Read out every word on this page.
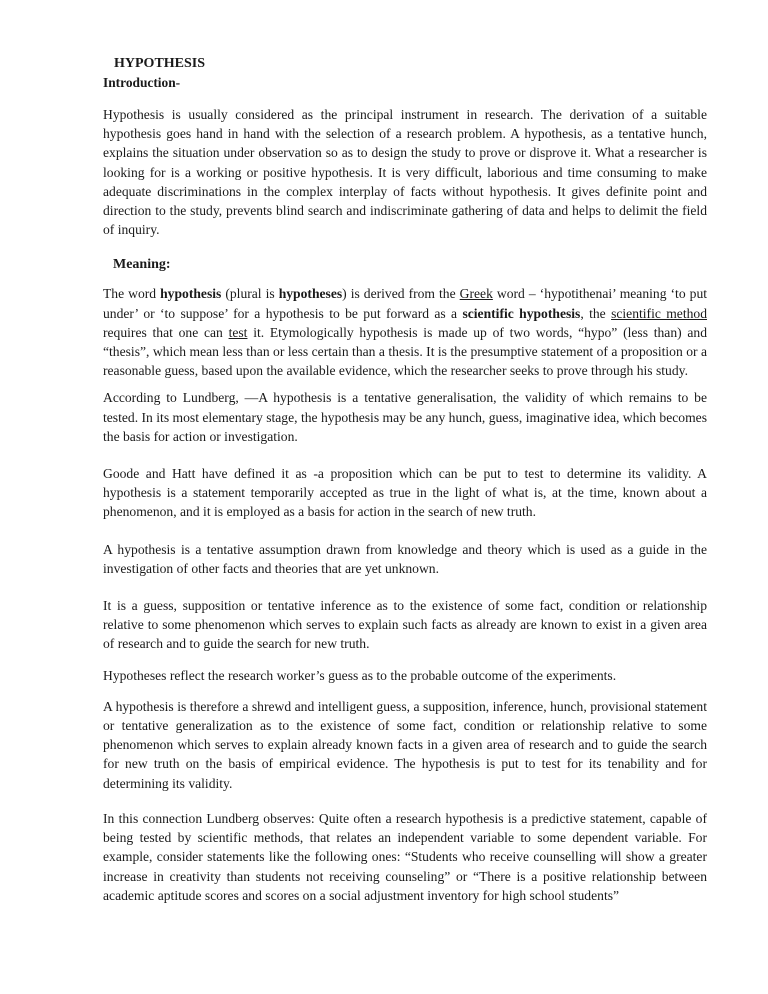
HYPOTHESIS
Introduction-

Hypothesis is usually considered as the principal instrument in research. The derivation of a suitable hypothesis goes hand in hand with the selection of a research problem. A hypothesis, as a tentative hunch, explains the situation under observation so as to design the study to prove or disprove it. What a researcher is looking for is a working or positive hypothesis. It is very difficult, laborious and time consuming to make adequate discriminations in the complex interplay of facts without hypothesis. It gives definite point and direction to the study, prevents blind search and indiscriminate gathering of data and helps to delimit the field of inquiry.

Meaning:

The word hypothesis (plural is hypotheses) is derived from the Greek word – ‘hypotithenai’ meaning ‘to put under’ or ‘to suppose’ for a hypothesis to be put forward as a scientific hypothesis, the scientific method requires that one can test it. Etymologically hypothesis is made up of two words, “hypo” (less than) and “thesis”, which mean less than or less certain than a thesis. It is the presumptive statement of a proposition or a reasonable guess, based upon the available evidence, which the researcher seeks to prove through his study.

According to Lundberg, ―A hypothesis is a tentative generalisation, the validity of which remains to be tested. In its most elementary stage, the hypothesis may be any hunch, guess, imaginative idea, which becomes the basis for action or investigation.

Goode and Hatt have defined it as -a proposition which can be put to test to determine its validity. A hypothesis is a statement temporarily accepted as true in the light of what is, at the time, known about a phenomenon, and it is employed as a basis for action in the search of new truth.

A hypothesis is a tentative assumption drawn from knowledge and theory which is used as a guide in the investigation of other facts and theories that are yet unknown.

It is a guess, supposition or tentative inference as to the existence of some fact, condition or relationship relative to some phenomenon which serves to explain such facts as already are known to exist in a given area of research and to guide the search for new truth.

Hypotheses reflect the research worker’s guess as to the probable outcome of the experiments.

A hypothesis is therefore a shrewd and intelligent guess, a supposition, inference, hunch, provisional statement or tentative generalization as to the existence of some fact, condition or relationship relative to some phenomenon which serves to explain already known facts in a given area of research and to guide the search for new truth on the basis of empirical evidence. The hypothesis is put to test for its tenability and for determining its validity.

In this connection Lundberg observes: Quite often a research hypothesis is a predictive statement, capable of being tested by scientific methods, that relates an independent variable to some dependent variable. For example, consider statements like the following ones: “Students who receive counselling will show a greater increase in creativity than students not receiving counseling” or “There is a positive relationship between academic aptitude scores and scores on a social adjustment inventory for high school students”
